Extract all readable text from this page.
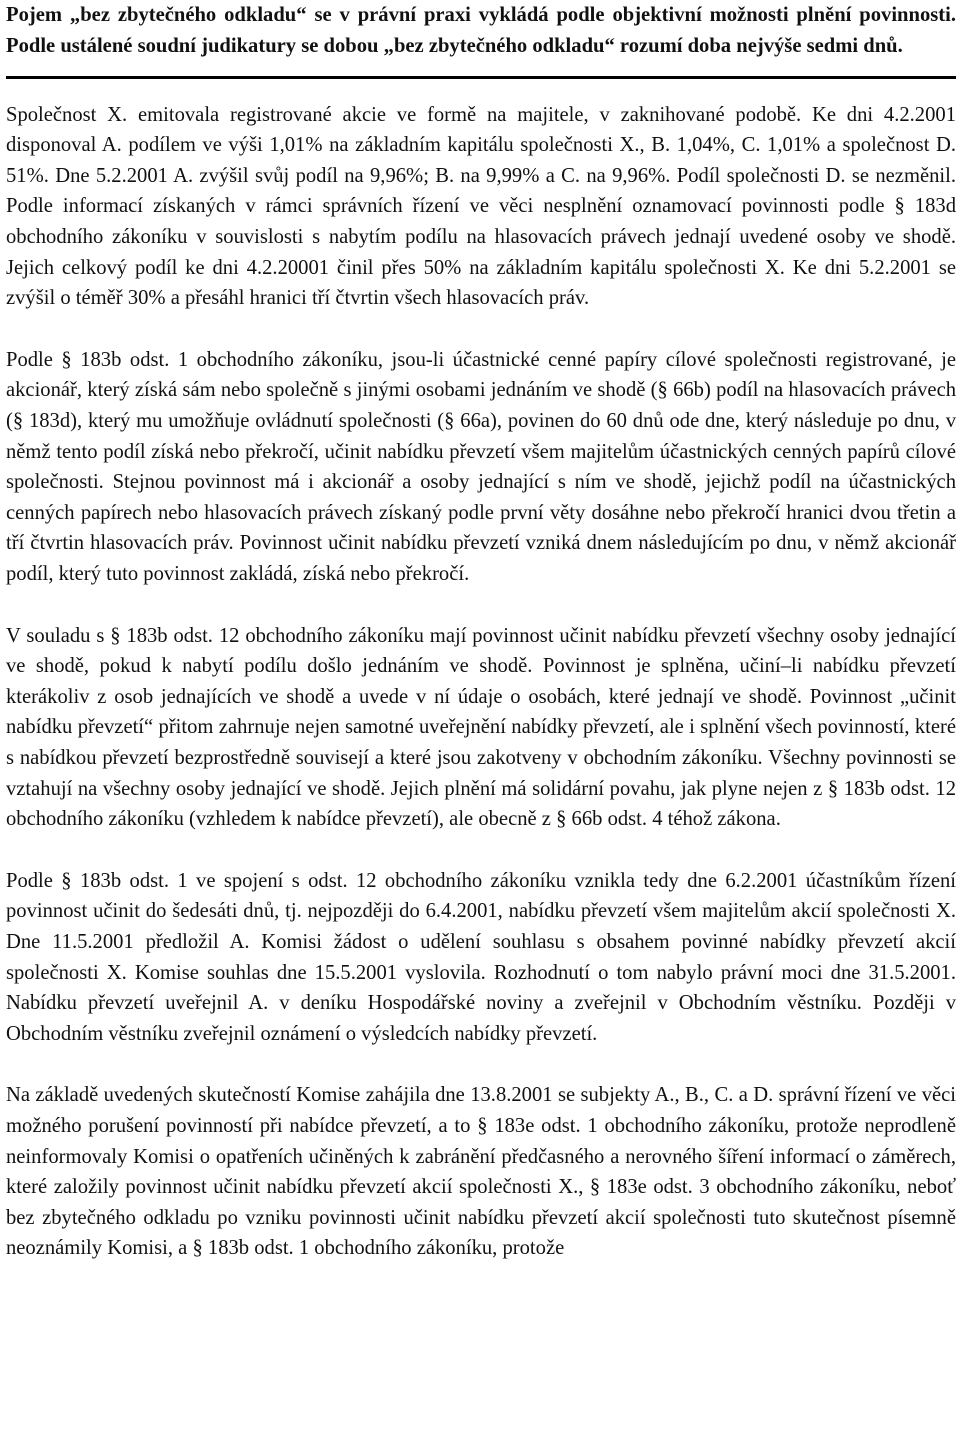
Pojem „bez zbytečného odkladu“ se v právní praxi vykládá podle objektivní možnosti plnění povinnosti. Podle ustálené soudní judikatury se dobou „bez zbytečného odkladu“ rozumí doba nejvýše sedmi dnů.

Společnost X. emitovala registrované akcie ve formě na majitele, v zaknihované podobě. Ke dni 4.2.2001 disponoval A. podílem ve výši 1,01% na základním kapitálu společnosti X., B. 1,04%, C. 1,01% a společnost D. 51%. Dne 5.2.2001 A. zvýšil svůj podíl na 9,96%; B. na 9,99% a C. na 9,96%. Podíl společnosti D. se nezměnil. Podle informací získaných v rámci správních řízení ve věci nesplnění oznamovací povinnosti podle § 183d obchodního zákoníku v souvislosti s nabytím podílu na hlasovacích právech jednají uvedené osoby ve shodě. Jejich celkový podíl ke dni 4.2.20001 činil přes 50% na základním kapitálu společnosti X. Ke dni 5.2.2001 se zvýšil o téměř 30% a přesáhl hranici tří čtvrtin všech hlasovacích práv.

Podle § 183b odst. 1 obchodního zákoníku, jsou-li účastnické cenné papíry cílové společnosti registrované, je akcionář, který získá sám nebo společně s jinými osobami jednáním ve shodě (§ 66b) podíl na hlasovacích právech (§ 183d), který mu umožňuje ovládnutí společnosti (§ 66a), povinen do 60 dnů ode dne, který následuje po dnu, v němž tento podíl získá nebo překročí, učinit nabídku převzetí všem majitelům účastnických cenných papírů cílové společnosti. Stejnou povinnost má i akcionář a osoby jednající s ním ve shodě, jejichž podíl na účastnických cenných papírech nebo hlasovacích právech získaný podle první věty dosáhne nebo překročí hranici dvou třetin a tří čtvrtin hlasovacích práv. Povinnost učinit nabídku převzetí vzniká dnem následujícím po dnu, v němž akcionář podíl, který tuto povinnost zakládá, získá nebo překročí.

V souladu s § 183b odst. 12 obchodního zákoníku mají povinnost učinit nabídku převzetí všechny osoby jednající ve shodě, pokud k nabytí podílu došlo jednáním ve shodě. Povinnost je splněna, učiní–li nabídku převzetí kterákoliv z osob jednajících ve shodě a uvede v ní údaje o osobách, které jednají ve shodě. Povinnost „učinit nabídku převzetí“ přitom zahrnuje nejen samotné uveřejnění nabídky převzetí, ale i splnění všech povinností, které s nabídkou převzetí bezprostředně souvisejí a které jsou zakotveny v obchodním zákoníku. Všechny povinnosti se vztahují na všechny osoby jednající ve shodě. Jejich plnění má solidární povahu, jak plyne nejen z § 183b odst. 12 obchodního zákoníku (vzhledem k nabídce převzetí), ale obecně z § 66b odst. 4 téhož zákona.

Podle § 183b odst. 1 ve spojení s odst. 12 obchodního zákoníku vznikla tedy dne 6.2.2001 účastníkům řízení povinnost učinit do šedesáti dnů, tj. nejpozději do 6.4.2001, nabídku převzetí všem majitelům akcií společnosti X. Dne 11.5.2001 předložil A. Komisi žádost o udělení souhlasu s obsahem povinné nabídky převzetí akcií společnosti X. Komise souhlas dne 15.5.2001 vyslovila. Rozhodnutí o tom nabylo právní moci dne 31.5.2001. Nabídku převzetí uveřejnil A. v deníku Hospodářské noviny a zveřejnil v Obchodním věstníku. Později v Obchodním věstníku zveřejnil oznámení o výsledcích nabídky převzetí.

Na základě uvedených skutečností Komise zahájila dne 13.8.2001 se subjekty A., B., C. a D. správní řízení ve věci možného porušení povinností při nabídce převzetí, a to § 183e odst. 1 obchodního zákoníku, protože neprodleně neinformovaly Komisi o opatřeních učiněných k zabránění předčasného a nerovného šíření informací o záměrech, které založily povinnost učinit nabídku převzetí akcií společnosti X., § 183e odst. 3 obchodního zákoníku, neboť bez zbytečného odkladu po vzniku povinnosti učinit nabídku převzetí akcií společnosti tuto skutečnost písemně neoznámily Komisi, a § 183b odst. 1 obchodního zákoníku, protože
